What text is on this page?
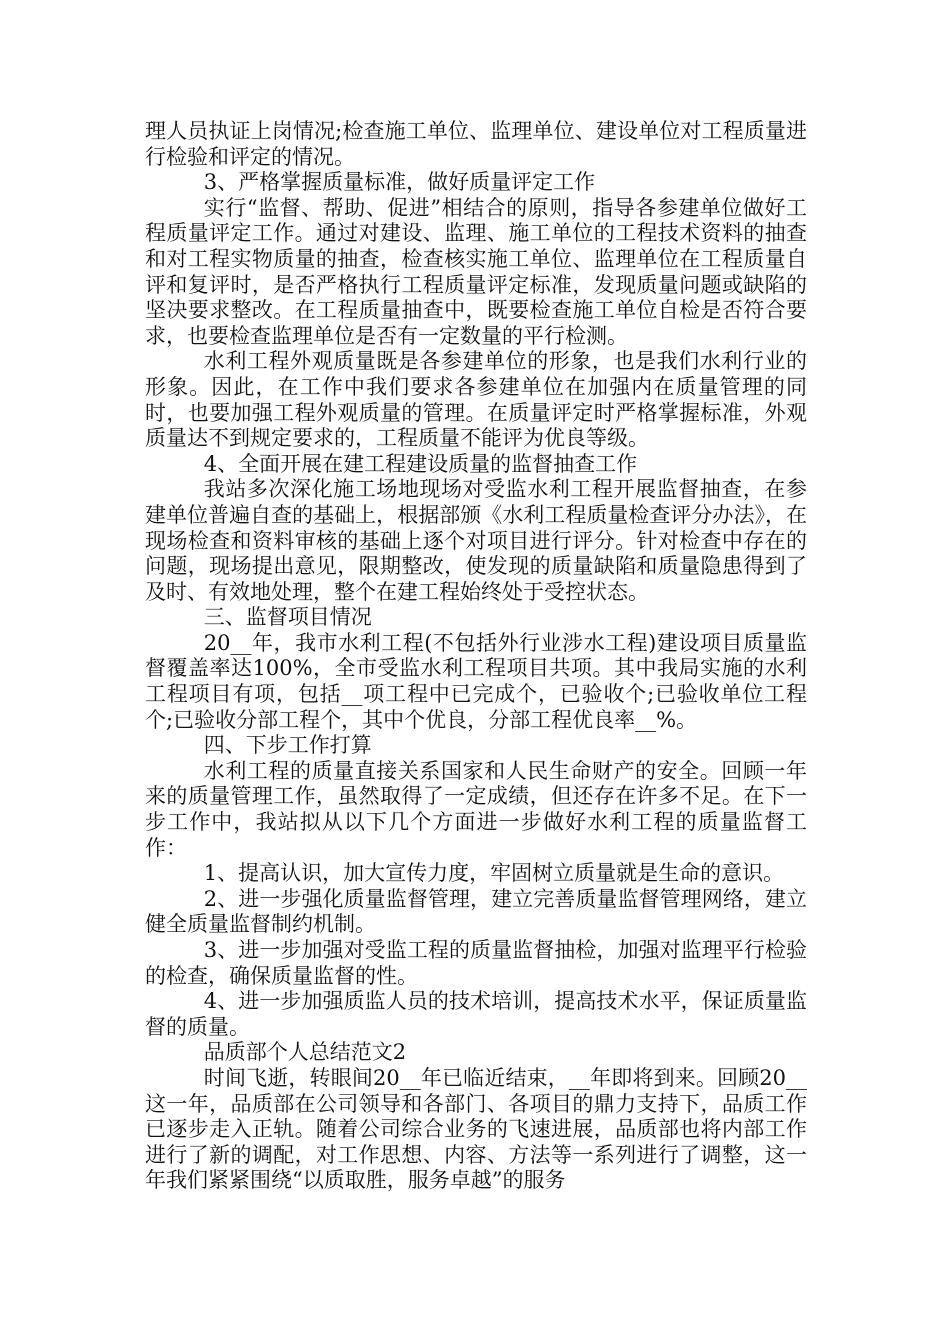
理人员执证上岗情况;检查施工单位、监理单位、建设单位对工程质量进行检验和评定的情况。

3、严格掌握质量标准，做好质量评定工作

实行“监督、帮助、促进”相结合的原则，指导各参建单位做好工程质量评定工作。通过对建设、监理、施工单位的工程技术资料的抽查和对工程实物质量的抽查，检查核实施工单位、监理单位在工程质量自评和复评时，是否严格执行工程质量评定标准，发现质量问题或缺陷的坚决要求整改。在工程质量抽查中，既要检查施工单位自检是否符合要求，也要检查监理单位是否有一定数量的平行检测。

水利工程外观质量既是各参建单位的形象，也是我们水利行业的形象。因此，在工作中我们要求各参建单位在加强内在质量管理的同时，也要加强工程外观质量的管理。在质量评定时严格掌握标准，外观质量达不到规定要求的，工程质量不能评为优良等级。

4、全面开展在建工程建设质量的监督抽查工作

我站多次深化施工场地现场对受监水利工程开展监督抽查，在参建单位普遍自查的基础上，根据部颁《水利工程质量检查评分办法》，在现场检查和资料审核的基础上逐个对项目进行评分。针对检查中存在的问题，现场提出意见，限期整改，使发现的质量缺陷和质量隐患得到了及时、有效地处理，整个在建工程始终处于受控状态。

三、监督项目情况

20__年，我市水利工程(不包括外行业涉水工程)建设项目质量监督覆盖率达100%，全市受监水利工程项目共项。其中我局实施的水利工程项目有项，包括__项工程中已完成个，已验收个;已验收单位工程个;已验收分部工程个，其中个优良，分部工程优良率__%。

四、下步工作打算

水利工程的质量直接关系国家和人民生命财产的安全。回顾一年来的质量管理工作，虽然取得了一定成绩，但还存在许多不足。在下一步工作中，我站拟从以下几个方面进一步做好水利工程的质量监督工作：

1、提高认识，加大宣传力度，牢固树立质量就是生命的意识。

2、进一步强化质量监督管理，建立完善质量监督管理网络，建立健全质量监督制约机制。

3、进一步加强对受监工程的质量监督抽检，加强对监理平行检验的检查，确保质量监督的性。

4、进一步加强质监人员的技术培训，提高技术水平，保证质量监督的质量。

品质部个人总结范文2

时间飞逝，转眼间20__年已临近结束，__年即将到来。回顾20__这一年，品质部在公司领导和各部门、各项目的鼎力支持下，品质工作已逐步走入正轨。随着公司综合业务的飞速进展，品质部也将内部工作进行了新的调配，对工作思想、内容、方法等一系列进行了调整，这一年我们紧紧围绕“以质取胜，服务卓越”的服务
